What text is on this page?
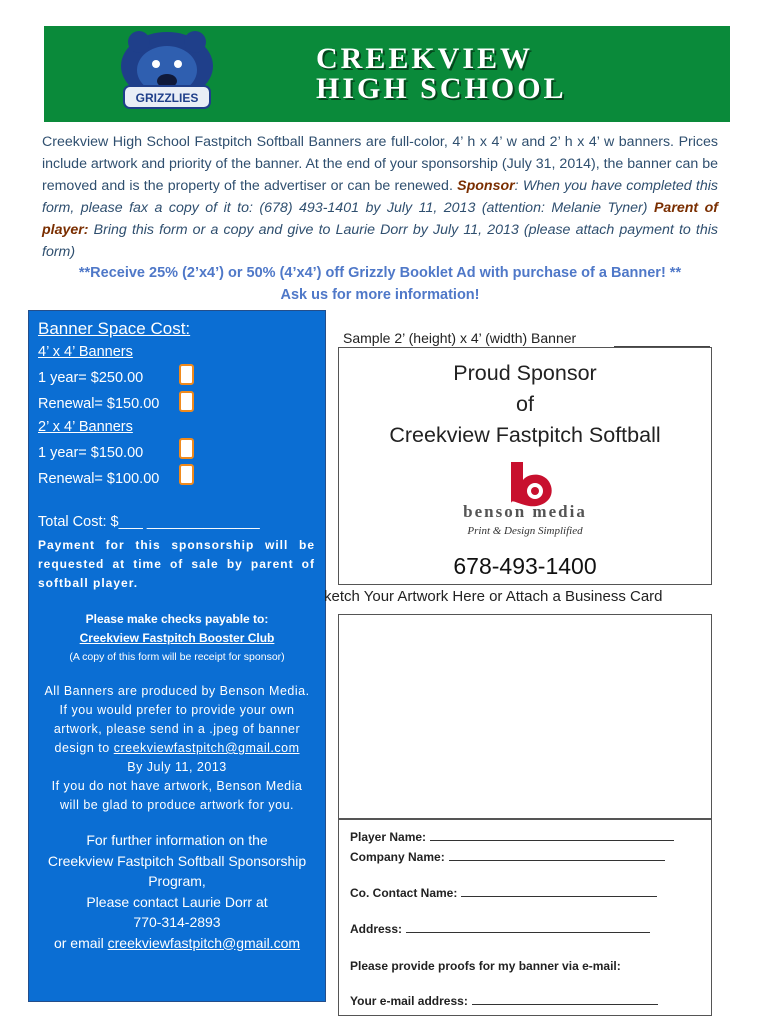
GRIZZLIES
CREEKVIEW
HIGH SCHOOL
Creekview High School Fastpitch Softball Banners are full-color, 4’ h x 4’ w and 2’ h x 4’ w banners. Prices include artwork and priority of the banner. At the end of your sponsorship (July 31, 2014), the banner can be removed and is the property of the advertiser or can be renewed. Sponsor: When you have completed this form, please fax a copy of it to: (678) 493-1401 by July 11, 2013 (attention: Melanie Tyner) Parent of player: Bring this form or a copy and give to Laurie Dorr by July 11, 2013 (please attach payment to this form)
**Receive 25% (2’x4’) or 50% (4’x4’) off Grizzly Booklet Ad with purchase of a Banner! **
Ask us for more information!
Banner Space Cost:
4’ x 4’ Banners
1 year= $250.00
Renewal= $150.00
2’ x 4’ Banners
1 year= $150.00
Renewal= $100.00
Total Cost: $___ ______________
Payment for this sponsorship will be requested at time of sale by parent of softball player.
Please make checks payable to:
Creekview Fastpitch Booster Club
(A copy of this form will be receipt for sponsor)
All Banners are produced by Benson Media.
If you would prefer to provide your own
artwork, please send in a .jpeg of banner
design to creekviewfastpitch@gmail.com
By July 11, 2013
If you do not have artwork, Benson Media
will be glad to produce artwork for you.
For further information on the
Creekview Fastpitch Softball Sponsorship
Program,
Please contact Laurie Dorr at
770-314-2893
or email creekviewfastpitch@gmail.com
Sample 2’ (height) x 4’ (width) Banner
Proud Sponsor
of
Creekview Fastpitch Softball
benson media
Print & Design Simplified
678-493-1400
ketch Your Artwork Here or Attach a Business Card
Player Name:
Company Name:
Co. Contact Name:
Address:
Please provide proofs for my banner via e-mail:
Your e-mail address:
